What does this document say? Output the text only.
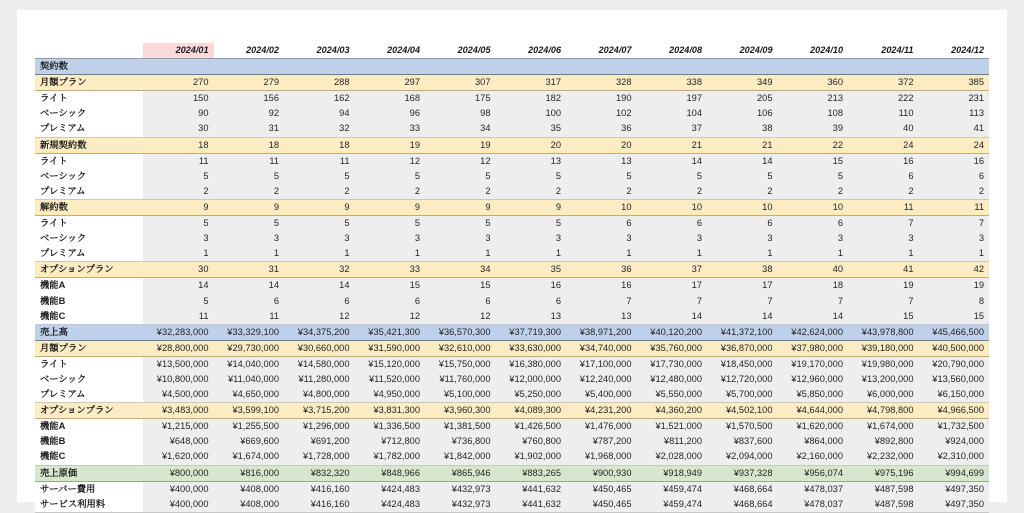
	2024/01	2024/02	2024/03	2024/04	2024/05	2024/06	2024/07	2024/08	2024/09	2024/10	2024/11	2024/12
契約数												
月額プラン	270	279	288	297	307	317	328	338	349	360	372	385
ライト	150	156	162	168	175	182	190	197	205	213	222	231
ベーシック	90	92	94	96	98	100	102	104	106	108	110	113
プレミアム	30	31	32	33	34	35	36	37	38	39	40	41
新規契約数	18	18	18	19	19	20	20	21	21	22	24	24
ライト	11	11	11	12	12	13	13	14	14	15	16	16
ベーシック	5	5	5	5	5	5	5	5	5	5	6	6
プレミアム	2	2	2	2	2	2	2	2	2	2	2	2
解約数	9	9	9	9	9	9	10	10	10	10	11	11
ライト	5	5	5	5	5	5	6	6	6	6	7	7
ベーシック	3	3	3	3	3	3	3	3	3	3	3	3
プレミアム	1	1	1	1	1	1	1	1	1	1	1	1
オプションプラン	30	31	32	33	34	35	36	37	38	40	41	42
機能A	14	14	14	15	15	16	16	17	17	18	19	19
機能B	5	6	6	6	6	6	7	7	7	7	7	8
機能C	11	11	12	12	12	13	13	14	14	14	15	15
売上高	¥32,283,000	¥33,329,100	¥34,375,200	¥35,421,300	¥36,570,300	¥37,719,300	¥38,971,200	¥40,120,200	¥41,372,100	¥42,624,000	¥43,978,800	¥45,466,500
月額プラン	¥28,800,000	¥29,730,000	¥30,660,000	¥31,590,000	¥32,610,000	¥33,630,000	¥34,740,000	¥35,760,000	¥36,870,000	¥37,980,000	¥39,180,000	¥40,500,000
ライト	¥13,500,000	¥14,040,000	¥14,580,000	¥15,120,000	¥15,750,000	¥16,380,000	¥17,100,000	¥17,730,000	¥18,450,000	¥19,170,000	¥19,980,000	¥20,790,000
ベーシック	¥10,800,000	¥11,040,000	¥11,280,000	¥11,520,000	¥11,760,000	¥12,000,000	¥12,240,000	¥12,480,000	¥12,720,000	¥12,960,000	¥13,200,000	¥13,560,000
プレミアム	¥4,500,000	¥4,650,000	¥4,800,000	¥4,950,000	¥5,100,000	¥5,250,000	¥5,400,000	¥5,550,000	¥5,700,000	¥5,850,000	¥6,000,000	¥6,150,000
オプションプラン	¥3,483,000	¥3,599,100	¥3,715,200	¥3,831,300	¥3,960,300	¥4,089,300	¥4,231,200	¥4,360,200	¥4,502,100	¥4,644,000	¥4,798,800	¥4,966,500
機能A	¥1,215,000	¥1,255,500	¥1,296,000	¥1,336,500	¥1,381,500	¥1,426,500	¥1,476,000	¥1,521,000	¥1,570,500	¥1,620,000	¥1,674,000	¥1,732,500
機能B	¥648,000	¥669,600	¥691,200	¥712,800	¥736,800	¥760,800	¥787,200	¥811,200	¥837,600	¥864,000	¥892,800	¥924,000
機能C	¥1,620,000	¥1,674,000	¥1,728,000	¥1,782,000	¥1,842,000	¥1,902,000	¥1,968,000	¥2,028,000	¥2,094,000	¥2,160,000	¥2,232,000	¥2,310,000
売上原価	¥800,000	¥816,000	¥832,320	¥848,966	¥865,946	¥883,265	¥900,930	¥918,949	¥937,328	¥956,074	¥975,196	¥994,699
サーバー費用	¥400,000	¥408,000	¥416,160	¥424,483	¥432,973	¥441,632	¥450,465	¥459,474	¥468,664	¥478,037	¥487,598	¥497,350
サービス利用料	¥400,000	¥408,000	¥416,160	¥424,483	¥432,973	¥441,632	¥450,465	¥459,474	¥468,664	¥478,037	¥487,598	¥497,350
